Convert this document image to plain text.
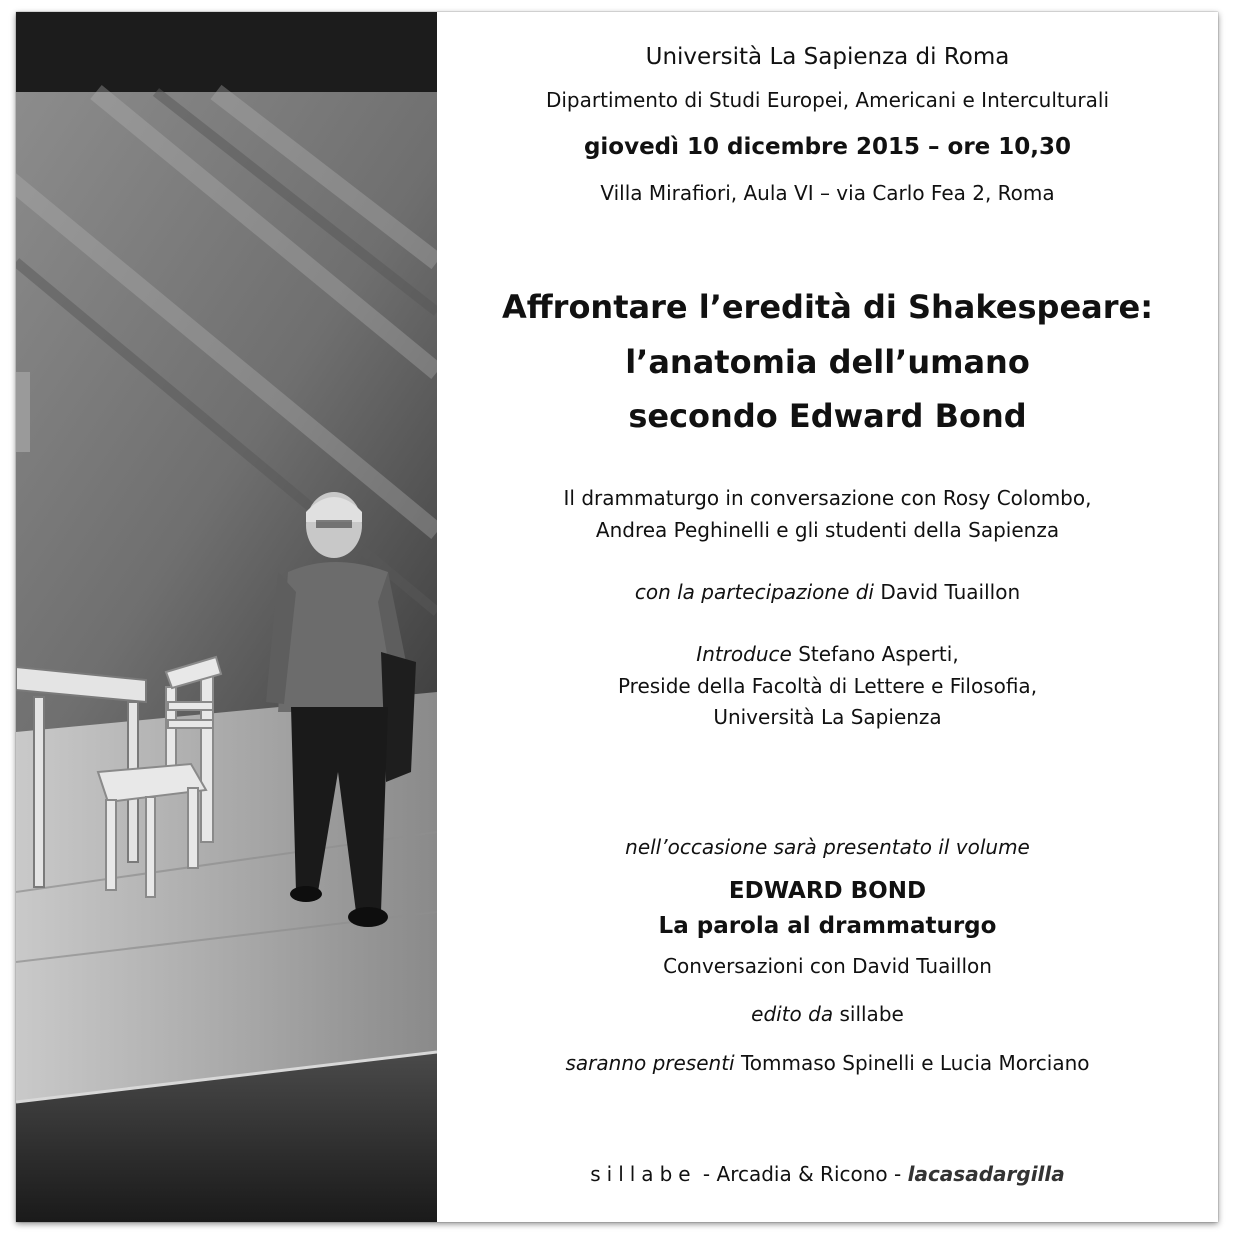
Università La Sapienza di Roma
Dipartimento di Studi Europei, Americani e Interculturali
giovedì 10 dicembre 2015 – ore 10,30
Villa Mirafiori, Aula VI – via Carlo Fea 2, Roma
Affrontare l’eredità di Shakespeare:
l’anatomia dell’umano
secondo Edward Bond
Il drammaturgo in conversazione con Rosy Colombo,
Andrea Peghinelli e gli studenti della Sapienza
con la partecipazione di David Tuaillon
Introduce Stefano Asperti,
Preside della Facoltà di Lettere e Filosofia,
Università La Sapienza
nell’occasione sarà presentato il volume
EDWARD BOND
La parola al drammaturgo
Conversazioni con David Tuaillon
edito da sillabe
saranno presenti Tommaso Spinelli e Lucia Morciano
sillabe - Arcadia & Ricono - lacasadargilla
